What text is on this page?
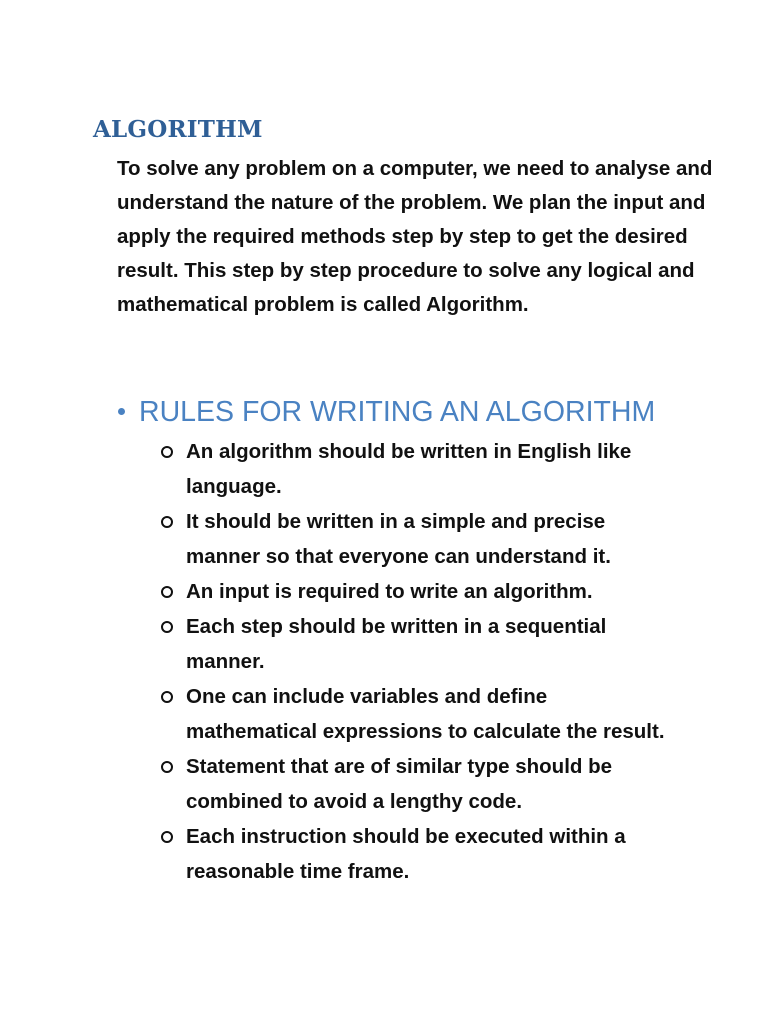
ALGORITHM

To solve any problem on a computer, we need to analyse and understand the nature of the problem. We plan the input and apply the required methods step by step to get the desired result. This step by step procedure to solve any logical and mathematical problem is called Algorithm.

RULES FOR WRITING AN ALGORITHM
An algorithm should be written in English like language.
It should be written in a simple and precise manner so that everyone can understand it.
An input is required to write an algorithm.
Each step should be written in a sequential manner.
One can include variables and define mathematical expressions to calculate the result.
Statement that are of similar type should be combined to avoid a lengthy code.
Each instruction should be executed within a reasonable time frame.
